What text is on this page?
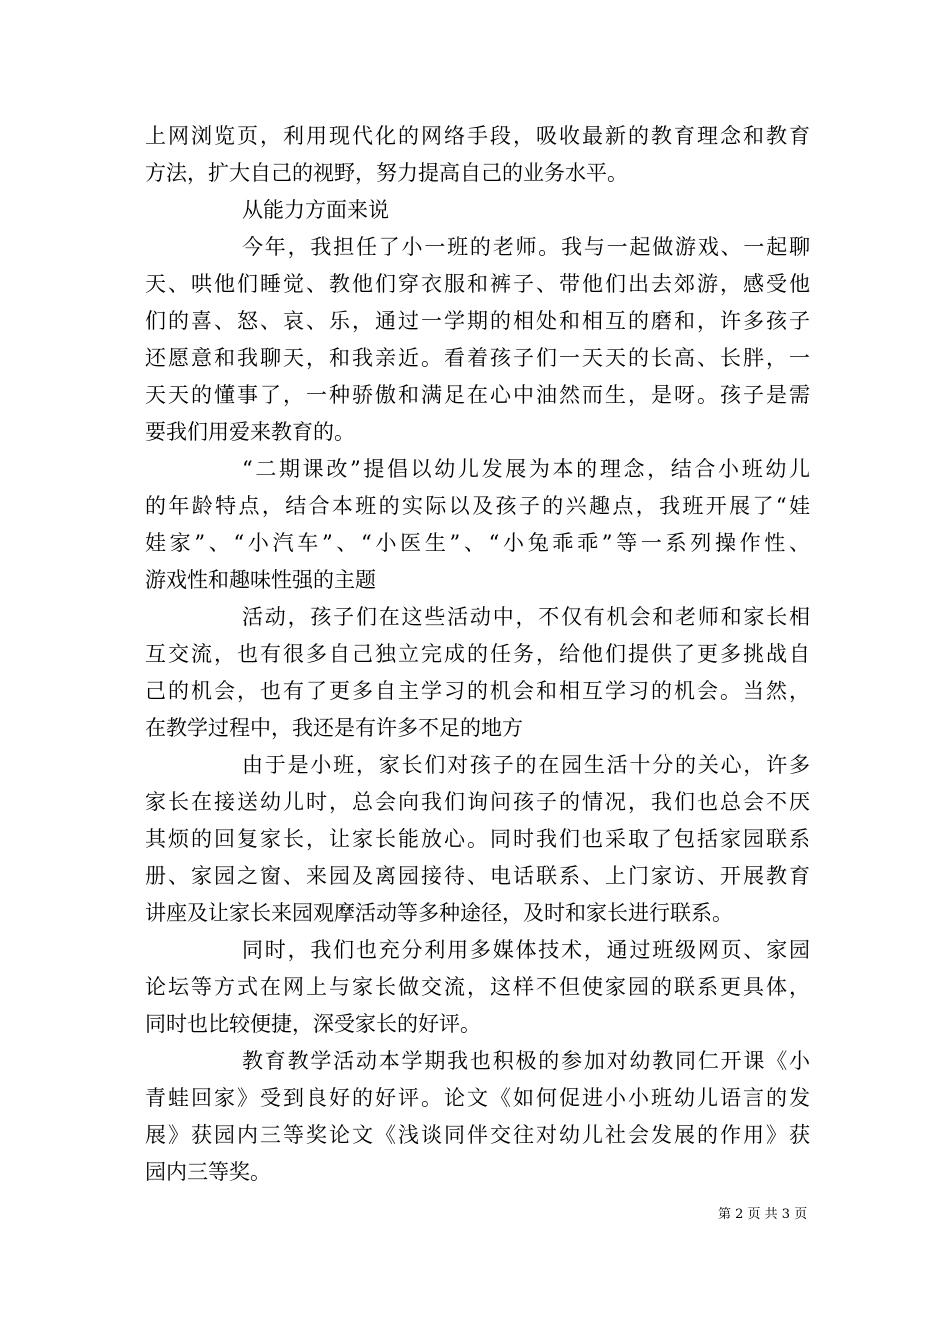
上网浏览页，利用现代化的网络手段，吸收最新的教育理念和教育
方法，扩大自己的视野，努力提高自己的业务水平。
从能力方面来说
今年，我担任了小一班的老师。我与一起做游戏、一起聊
天、哄他们睡觉、教他们穿衣服和裤子、带他们出去郊游，感受他
们的喜、怒、哀、乐，通过一学期的相处和相互的磨和，许多孩子
还愿意和我聊天，和我亲近。看着孩子们一天天的长高、长胖，一
天天的懂事了，一种骄傲和满足在心中油然而生，是呀。孩子是需
要我们用爱来教育的。
“二期课改”提倡以幼儿发展为本的理念，结合小班幼儿
的年龄特点，结合本班的实际以及孩子的兴趣点，我班开展了“娃
娃家”、“小汽车”、“小医生”、“小兔乖乖”等一系列操作性、
游戏性和趣味性强的主题
活动，孩子们在这些活动中，不仅有机会和老师和家长相
互交流，也有很多自己独立完成的任务，给他们提供了更多挑战自
己的机会，也有了更多自主学习的机会和相互学习的机会。当然，
在教学过程中，我还是有许多不足的地方
由于是小班，家长们对孩子的在园生活十分的关心，许多
家长在接送幼儿时，总会向我们询问孩子的情况，我们也总会不厌
其烦的回复家长，让家长能放心。同时我们也采取了包括家园联系
册、家园之窗、来园及离园接待、电话联系、上门家访、开展教育
讲座及让家长来园观摩活动等多种途径，及时和家长进行联系。
同时，我们也充分利用多媒体技术，通过班级网页、家园
论坛等方式在网上与家长做交流，这样不但使家园的联系更具体，
同时也比较便捷，深受家长的好评。
教育教学活动本学期我也积极的参加对幼教同仁开课《小
青蛙回家》受到良好的好评。论文《如何促进小小班幼儿语言的发
展》获园内三等奖论文《浅谈同伴交往对幼儿社会发展的作用》获
园内三等奖。
第 2 页 共 3 页
